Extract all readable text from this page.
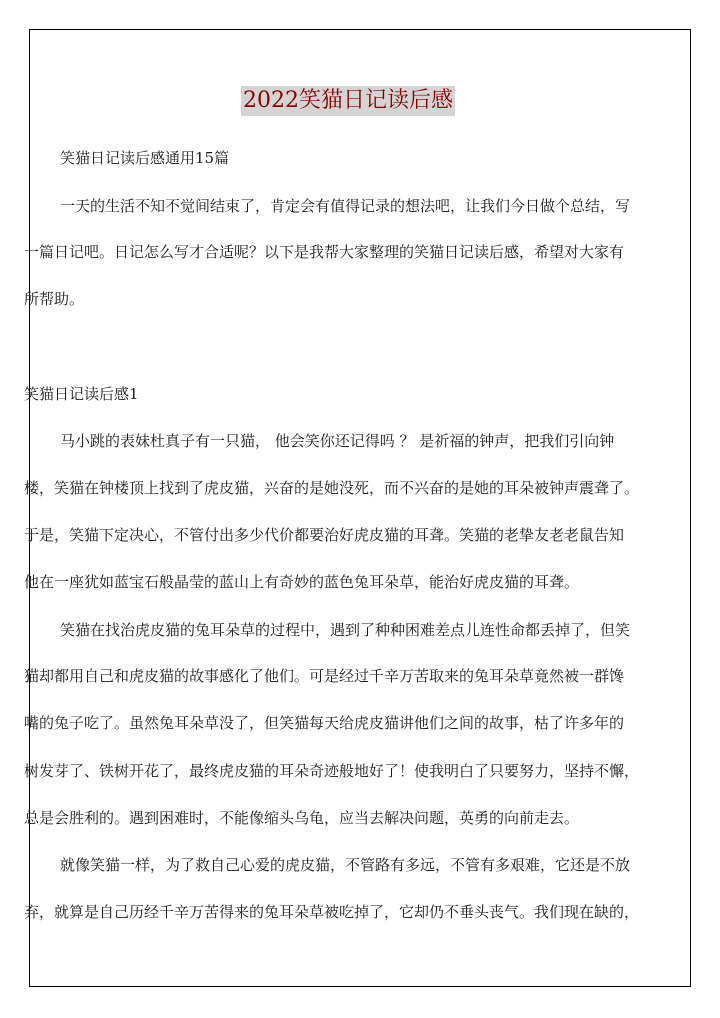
2022笑猫日记读后感
笑猫日记读后感通用15篇
一天的生活不知不觉间结束了，肯定会有值得记录的想法吧，让我们今日做个总结，写
一篇日记吧。日记怎么写才合适呢？以下是我帮大家整理的笑猫日记读后感，希望对大家有
所帮助。
笑猫日记读后感1
马小跳的表妹杜真子有一只猫， 他会笑你还记得吗 ？ 是祈福的钟声，把我们引向钟
楼，笑猫在钟楼顶上找到了虎皮猫，兴奋的是她没死，而不兴奋的是她的耳朵被钟声震聋了。
于是，笑猫下定决心，不管付出多少代价都要治好虎皮猫的耳聋。笑猫的老挚友老老鼠告知
他在一座犹如蓝宝石般晶莹的蓝山上有奇妙的蓝色兔耳朵草，能治好虎皮猫的耳聋。
笑猫在找治虎皮猫的兔耳朵草的过程中，遇到了种种困难差点儿连性命都丢掉了，但笑
猫却都用自己和虎皮猫的故事感化了他们。可是经过千辛万苦取来的兔耳朵草竟然被一群馋
嘴的兔子吃了。虽然兔耳朵草没了，但笑猫每天给虎皮猫讲他们之间的故事，枯了许多年的
树发芽了、铁树开花了，最终虎皮猫的耳朵奇迹般地好了！使我明白了只要努力，坚持不懈，
总是会胜利的。遇到困难时，不能像缩头乌龟，应当去解决问题，英勇的向前走去。
就像笑猫一样，为了救自己心爱的虎皮猫，不管路有多远，不管有多艰难，它还是不放
弃，就算是自己历经千辛万苦得来的兔耳朵草被吃掉了，它却仍不垂头丧气。我们现在缺的，
